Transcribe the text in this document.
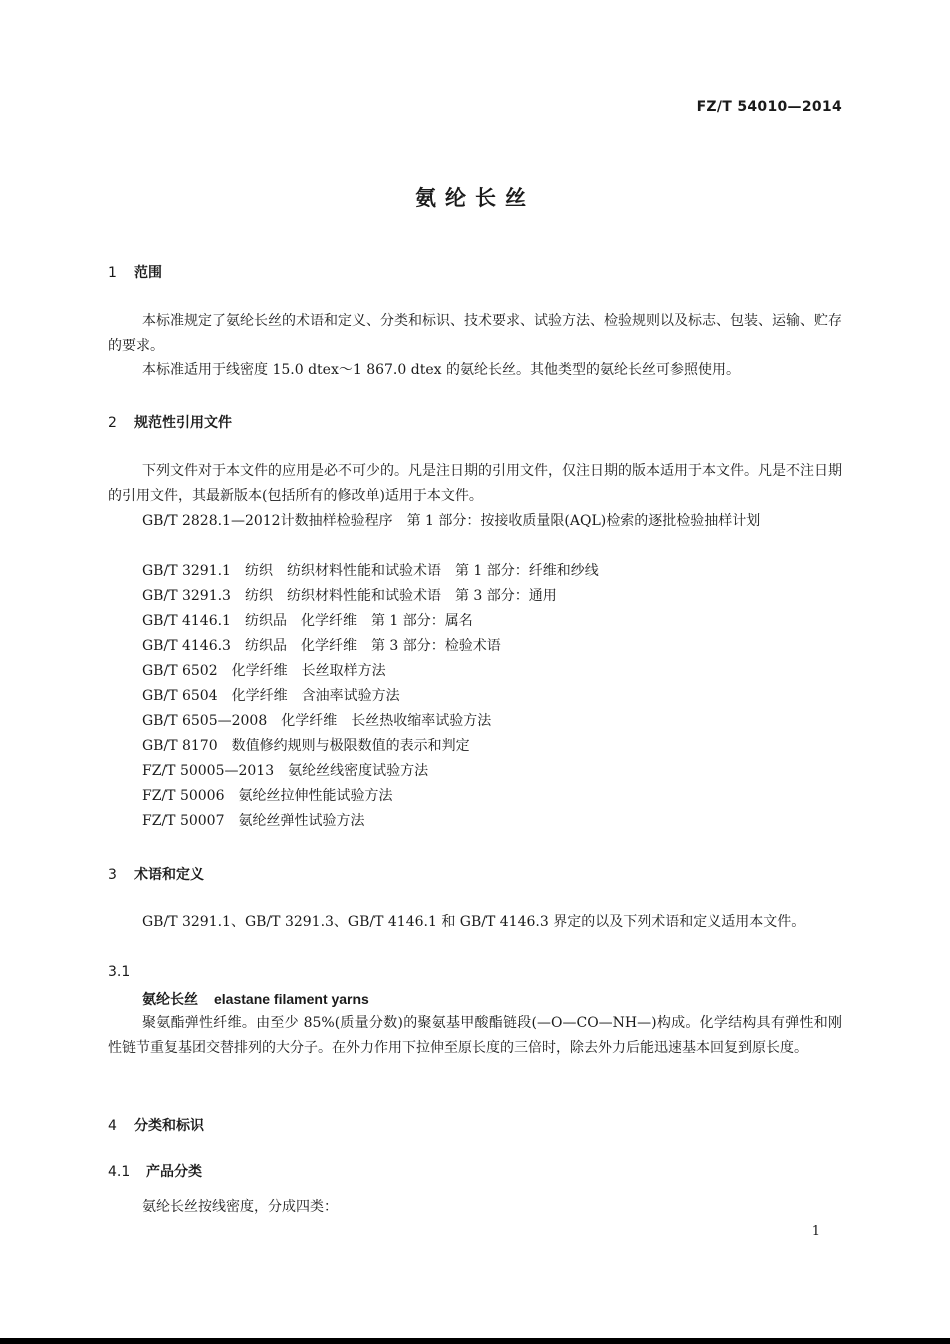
FZ/T 54010—2014
氨纶长丝
1 范围
本标准规定了氨纶长丝的术语和定义、分类和标识、技术要求、试验方法、检验规则以及标志、包装、运输、贮存的要求。
本标准适用于线密度 15.0 dtex～1 867.0 dtex 的氨纶长丝。其他类型的氨纶长丝可参照使用。
2 规范性引用文件
下列文件对于本文件的应用是必不可少的。凡是注日期的引用文件，仅注日期的版本适用于本文件。凡是不注日期的引用文件，其最新版本(包括所有的修改单)适用于本文件。
GB/T 2828.1—2012计数抽样检验程序　第 1 部分：按接收质量限(AQL)检索的逐批检验抽样计划
GB/T 3291.1 纺织　纺织材料性能和试验术语　第 1 部分：纤维和纱线
GB/T 3291.3 纺织　纺织材料性能和试验术语　第 3 部分：通用
GB/T 4146.1 纺织品　化学纤维　第 1 部分：属名
GB/T 4146.3 纺织品　化学纤维　第 3 部分：检验术语
GB/T 6502 化学纤维　长丝取样方法
GB/T 6504 化学纤维　含油率试验方法
GB/T 6505—2008 化学纤维　长丝热收缩率试验方法
GB/T 8170 数值修约规则与极限数值的表示和判定
FZ/T 50005—2013 氨纶丝线密度试验方法
FZ/T 50006 氨纶丝拉伸性能试验方法
FZ/T 50007 氨纶丝弹性试验方法
3 术语和定义
GB/T 3291.1、GB/T 3291.3、GB/T 4146.1 和 GB/T 4146.3 界定的以及下列术语和定义适用本文件。
3.1
氨纶长丝 elastane filament yarns
聚氨酯弹性纤维。由至少 85%(质量分数)的聚氨基甲酸酯链段(—O—CO—NH—)构成。化学结构具有弹性和刚性链节重复基团交替排列的大分子。在外力作用下拉伸至原长度的三倍时，除去外力后能迅速基本回复到原长度。
4 分类和标识
4.1 产品分类
氨纶长丝按线密度，分成四类：
1
